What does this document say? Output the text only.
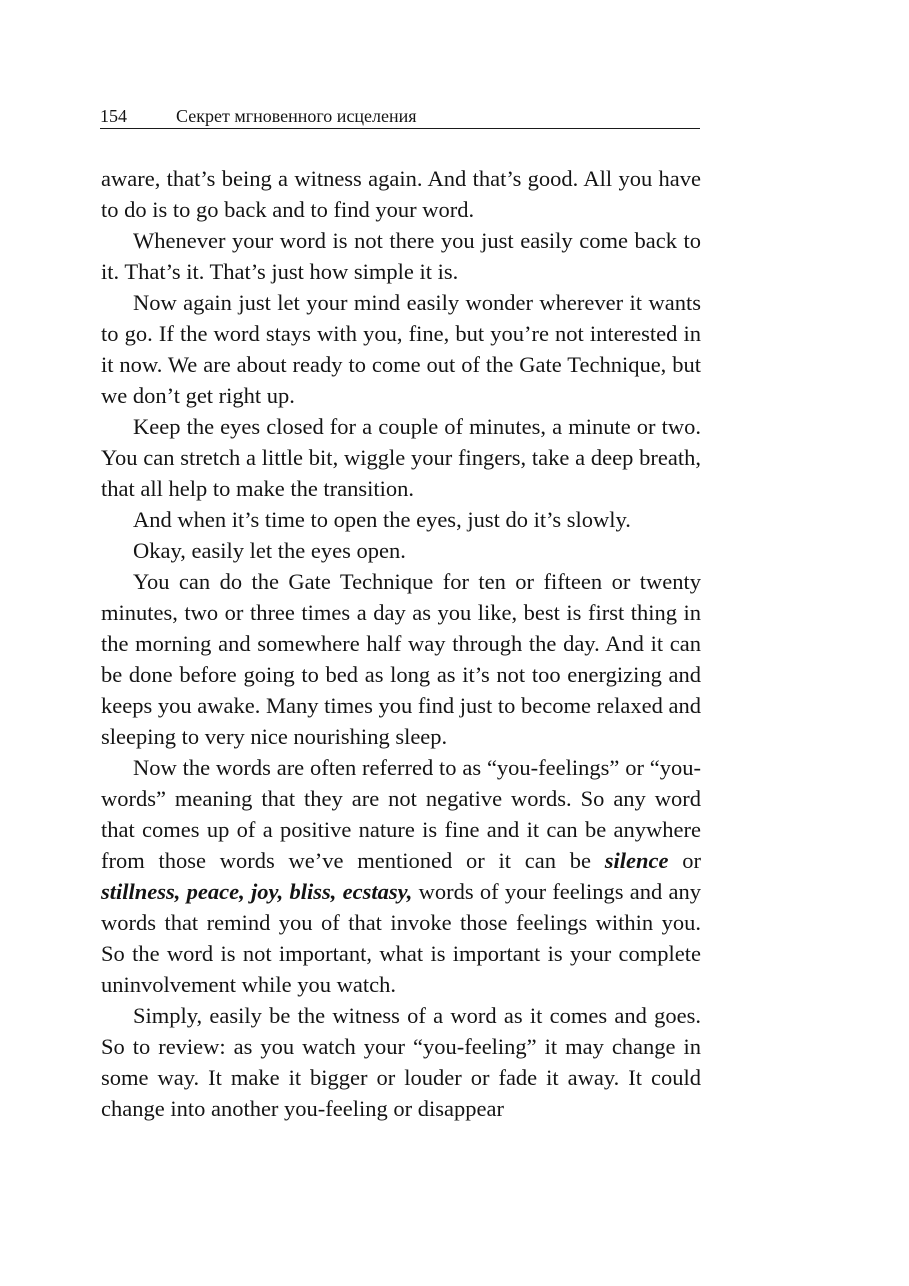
154	Секрет мгновенного исцеления

aware, that’s being a witness again. And that’s good. All you have to do is to go back and to find your word.

Whenever your word is not there you just easily come back to it. That’s it. That’s just how simple it is.

Now again just let your mind easily wonder wherever it wants to go. If the word stays with you, fine, but you’re not interested in it now. We are about ready to come out of the Gate Technique, but we don’t get right up.

Keep the eyes closed for a couple of minutes, a minute or two. You can stretch a little bit, wiggle your fingers, take a deep breath, that all help to make the transition.

And when it’s time to open the eyes, just do it’s slowly.

Okay, easily let the eyes open.

You can do the Gate Technique for ten or fifteen or twenty minutes, two or three times a day as you like, best is first thing in the morning and somewhere half way through the day. And it can be done before going to bed as long as it’s not too energizing and keeps you awake. Many times you find just to become relaxed and sleeping to very nice nourishing sleep.

Now the words are often referred to as “you-feelings” or “you-words” meaning that they are not negative words. So any word that comes up of a positive nature is fine and it can be anywhere from those words we’ve mentioned or it can be silence or stillness, peace, joy, bliss, ecstasy, words of your feelings and any words that remind you of that invoke those feelings within you. So the word is not important, what is important is your complete uninvolvement while you watch.

Simply, easily be the witness of a word as it comes and goes. So to review: as you watch your “you-feeling” it may change in some way. It make it bigger or louder or fade it away. It could change into another you-feeling or disappear
